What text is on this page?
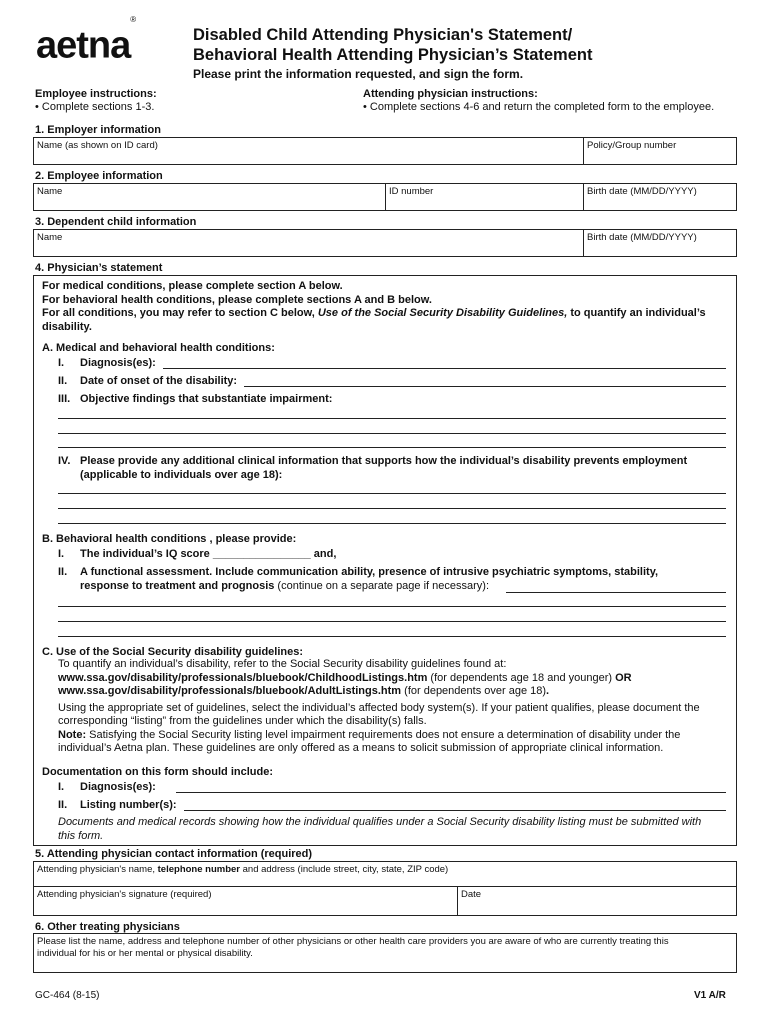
aetna®
Disabled Child Attending Physician's Statement/
Behavioral Health Attending Physician’s Statement
Please print the information requested, and sign the form.
Employee instructions:
• Complete sections 1-3.
Attending physician instructions:
• Complete sections 4-6 and return the completed form to the employee.
1. Employer information
Name (as shown on ID card)	Policy/Group number
2. Employee information
Name	ID number	Birth date (MM/DD/YYYY)
3. Dependent child information
Name	Birth date (MM/DD/YYYY)
4. Physician’s statement
For medical conditions, please complete section A below.
For behavioral health conditions, please complete sections A and B below.
For all conditions, you may refer to section C below, Use of the Social Security Disability Guidelines, to quantify an individual’s
disability.
A. Medical and behavioral health conditions:
I. Diagnosis(es):
II. Date of onset of the disability:
III. Objective findings that substantiate impairment:
IV. Please provide any additional clinical information that supports how the individual’s disability prevents employment
(applicable to individuals over age 18):
B. Behavioral health conditions , please provide:
I. The individual’s IQ score ________________ and,
II. A functional assessment. Include communication ability, presence of intrusive psychiatric symptoms, stability,
response to treatment and prognosis (continue on a separate page if necessary):
C. Use of the Social Security disability guidelines:
To quantify an individual’s disability, refer to the Social Security disability guidelines found at:
www.ssa.gov/disability/professionals/bluebook/ChildhoodListings.htm (for dependents age 18 and younger) OR
www.ssa.gov/disability/professionals/bluebook/AdultListings.htm (for dependents over age 18).
Using the appropriate set of guidelines, select the individual’s affected body system(s). If your patient qualifies, please document the
corresponding “listing” from the guidelines under which the disability(s) falls.
Note: Satisfying the Social Security listing level impairment requirements does not ensure a determination of disability under the
individual’s Aetna plan. These guidelines are only offered as a means to solicit submission of appropriate clinical information.
Documentation on this form should include:
I. Diagnosis(es):
II. Listing number(s):
Documents and medical records showing how the individual qualifies under a Social Security disability listing must be submitted with
this form.
5. Attending physician contact information (required)
Attending physician's name, telephone number and address (include street, city, state, ZIP code)
Attending physician's signature (required)	Date
6. Other treating physicians
Please list the name, address and telephone number of other physicians or other health care providers you are aware of who are currently treating this
individual for his or her mental or physical disability.
GC-464 (8-15)	V1 A/R
